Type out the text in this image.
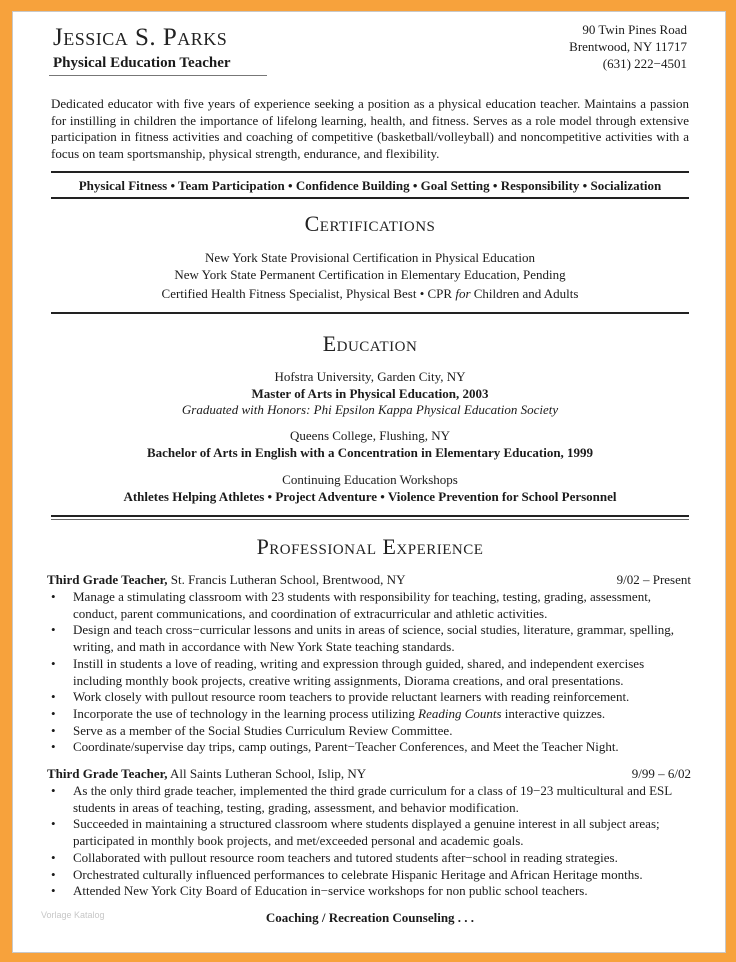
Jessica S. Parks
Physical Education Teacher
90 Twin Pines Road
Brentwood, NY 11717
(631) 222−4501
Dedicated educator with five years of experience seeking a position as a physical education teacher. Maintains a passion for instilling in children the importance of lifelong learning, health, and fitness. Serves as a role model through extensive participation in fitness activities and coaching of competitive (basketball/volleyball) and noncompetitive activities with a focus on team sportsmanship, physical strength, endurance, and flexibility.
Physical Fitness • Team Participation • Confidence Building • Goal Setting • Responsibility • Socialization
Certifications
New York State Provisional Certification in Physical Education
New York State Permanent Certification in Elementary Education, Pending
Certified Health Fitness Specialist, Physical Best • CPR for Children and Adults
Education
Hofstra University, Garden City, NY
Master of Arts in Physical Education, 2003
Graduated with Honors: Phi Epsilon Kappa Physical Education Society
Queens College, Flushing, NY
Bachelor of Arts in English with a Concentration in Elementary Education, 1999
Continuing Education Workshops
Athletes Helping Athletes • Project Adventure • Violence Prevention for School Personnel
Professional Experience
Third Grade Teacher, St. Francis Lutheran School, Brentwood, NY	9/02 – Present
• Manage a stimulating classroom with 23 students with responsibility for teaching, testing, grading, assessment, conduct, parent communications, and coordination of extracurricular and athletic activities.
• Design and teach cross−curricular lessons and units in areas of science, social studies, literature, grammar, spelling, writing, and math in accordance with New York State teaching standards.
• Instill in students a love of reading, writing and expression through guided, shared, and independent exercises including monthly book projects, creative writing assignments, Diorama creations, and oral presentations.
• Work closely with pullout resource room teachers to provide reluctant learners with reading reinforcement.
• Incorporate the use of technology in the learning process utilizing Reading Counts interactive quizzes.
• Serve as a member of the Social Studies Curriculum Review Committee.
• Coordinate/supervise day trips, camp outings, Parent−Teacher Conferences, and Meet the Teacher Night.
Third Grade Teacher, All Saints Lutheran School, Islip, NY	9/99 – 6/02
• As the only third grade teacher, implemented the third grade curriculum for a class of 19−23 multicultural and ESL students in areas of teaching, testing, grading, assessment, and behavior modification.
• Succeeded in maintaining a structured classroom where students displayed a genuine interest in all subject areas; participated in monthly book projects, and met/exceeded personal and academic goals.
• Collaborated with pullout resource room teachers and tutored students after−school in reading strategies.
• Orchestrated culturally influenced performances to celebrate Hispanic Heritage and African Heritage months.
• Attended New York City Board of Education in−service workshops for non public school teachers.
Vorlage Katalog	Coaching / Recreation Counseling . . .
